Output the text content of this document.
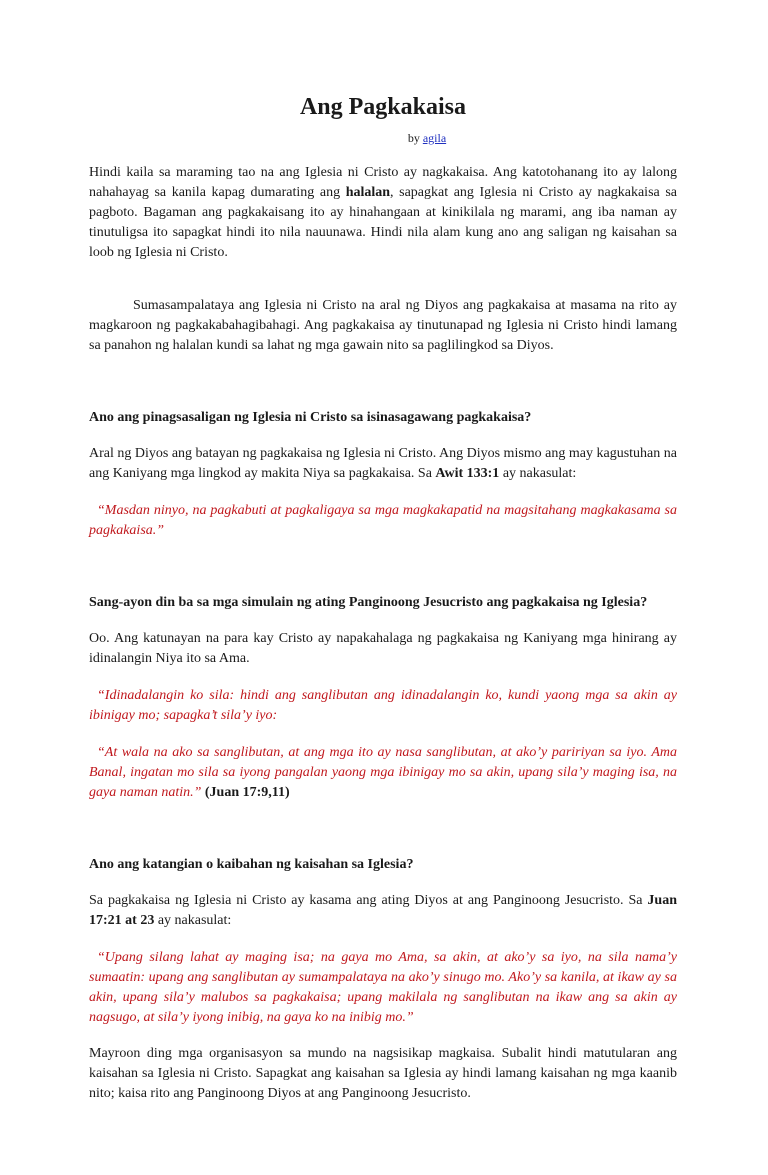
Ang Pagkakaisa
by agila

Hindi kaila sa maraming tao na ang Iglesia ni Cristo ay nagkakaisa. Ang katotohanang ito ay lalong nahahayag sa kanila kapag dumarating ang halalan, sapagkat ang Iglesia ni Cristo ay nagkakaisa sa pagboto. Bagaman ang pagkakaisang ito ay hinahangaan at kinikilala ng marami, ang iba naman ay tinutuligsa ito sapagkat hindi ito nila nauunawa. Hindi nila alam kung ano ang saligan ng kaisahan sa loob ng Iglesia ni Cristo.

Sumasampalataya ang Iglesia ni Cristo na aral ng Diyos ang pagkakaisa at masama na rito ay magkaroon ng pagkakabahagibahagi. Ang pagkakaisa ay tinutunapad ng Iglesia ni Cristo hindi lamang sa panahon ng halalan kundi sa lahat ng mga gawain nito sa paglilingkod sa Diyos.

Ano ang pinagsasaligan ng Iglesia ni Cristo sa isinasagawang pagkakaisa?

Aral ng Diyos ang batayan ng pagkakaisa ng Iglesia ni Cristo. Ang Diyos mismo ang may kagustuhan na ang Kaniyang mga lingkod ay makita Niya sa pagkakaisa. Sa Awit 133:1 ay nakasulat:

“Masdan ninyo, na pagkabuti at pagkaligaya sa mga magkakapatid na magsitahang magkakasama sa pagkakaisa.”

Sang-ayon din ba sa mga simulain ng ating Panginoong Jesucristo ang pagkakaisa ng Iglesia?

Oo. Ang katunayan na para kay Cristo ay napakahalaga ng pagkakaisa ng Kaniyang mga hinirang ay idinalangin Niya ito sa Ama.

“Idinadalangin ko sila: hindi ang sanglibutan ang idinadalangin ko, kundi yaong mga sa akin ay ibinigay mo; sapagka’t sila’y iyo:

“At wala na ako sa sanglibutan, at ang mga ito ay nasa sanglibutan, at ako’y paririyan sa iyo. Ama Banal, ingatan mo sila sa iyong pangalan yaong mga ibinigay mo sa akin, upang sila’y maging isa, na gaya naman natin.” (Juan 17:9,11)

Ano ang katangian o kaibahan ng kaisahan sa Iglesia?

Sa pagkakaisa ng Iglesia ni Cristo ay kasama ang ating Diyos at ang Panginoong Jesucristo. Sa Juan 17:21 at 23 ay nakasulat:

“Upang silang lahat ay maging isa; na gaya mo Ama, sa akin, at ako’y sa iyo, na sila nama’y sumaatin: upang ang sanglibutan ay sumampalataya na ako’y sinugo mo. Ako’y sa kanila, at ikaw ay sa akin, upang sila’y malubos sa pagkakaisa; upang makilala ng sanglibutan na ikaw ang sa akin ay nagsugo, at sila’y iyong inibig, na gaya ko na inibig mo.”

Mayroon ding mga organisasyon sa mundo na nagsisikap magkaisa. Subalit hindi matutularan ang kaisahan sa Iglesia ni Cristo. Sapagkat ang kaisahan sa Iglesia ay hindi lamang kaisahan ng mga kaanib nito; kaisa rito ang Panginoong Diyos at ang Panginoong Jesucristo.
